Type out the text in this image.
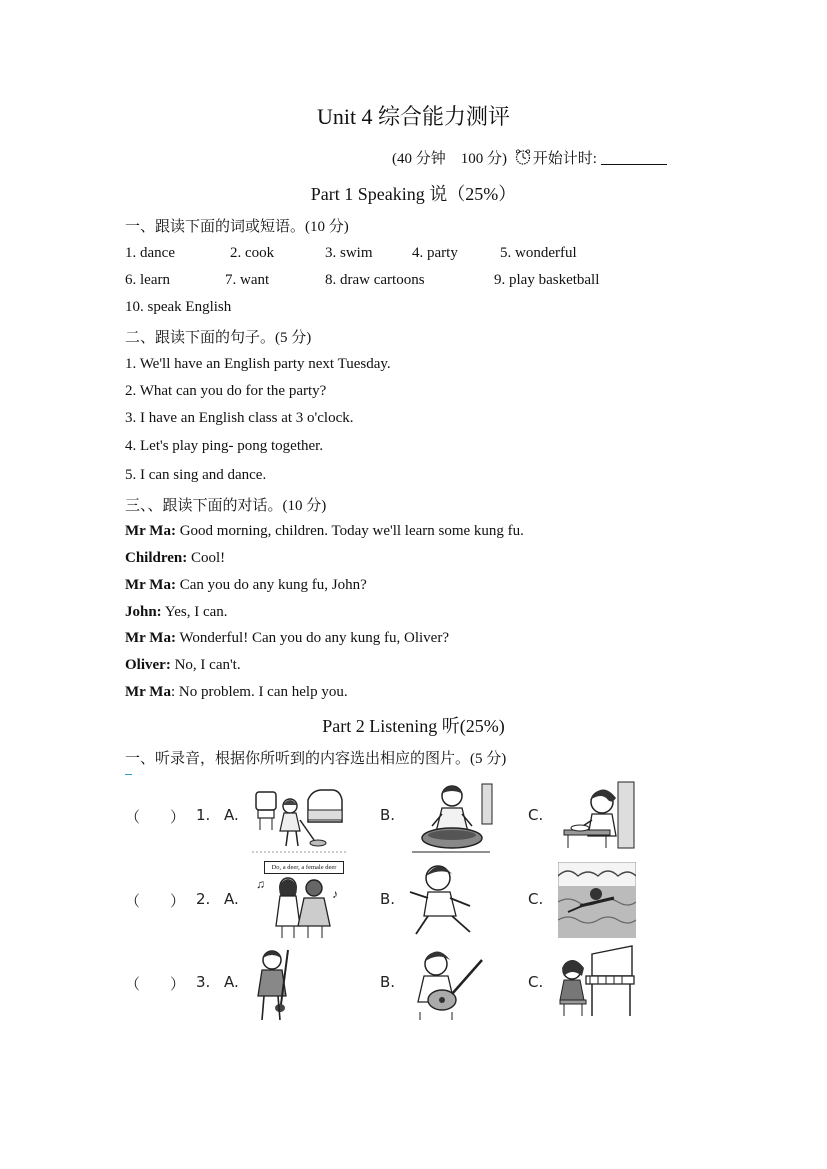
Unit 4 综合能力测评
(40 分钟　100 分) 开始计时:
Part 1 Speaking 说（25%）
一、跟读下面的词或短语。(10 分)
1. dance	2. cook	3. swim	4. party	5. wonderful
6. learn	7. want	8. draw cartoons	9. play basketball
10. speak English
二、跟读下面的句子。(5 分)
1. We'll have an English party next Tuesday.
2. What can you do for the party?
3. I have an English class at 3 o'clock.
4. Let's play ping- pong together.
5. I can sing and dance.
三、、跟读下面的对话。(10 分)
Mr Ma: Good morning, children. Today we'll learn some kung fu.
Children: Cool!
Mr Ma: Can you do any kung fu, John?
John: Yes, I can.
Mr Ma: Wonderful! Can you do any kung fu, Oliver?
Oliver: No, I can't.
Mr Ma: No problem. I can help you.
Part 2 Listening 听(25%)
一、听录音，根据你所听到的内容选出相应的图片。(5 分)
（　　） 1. A.	B.	C.
（　　） 2. A.	B.	C.
Do, a deer, a female deer
♫
♪
（　　） 3. A.	B.	C.
